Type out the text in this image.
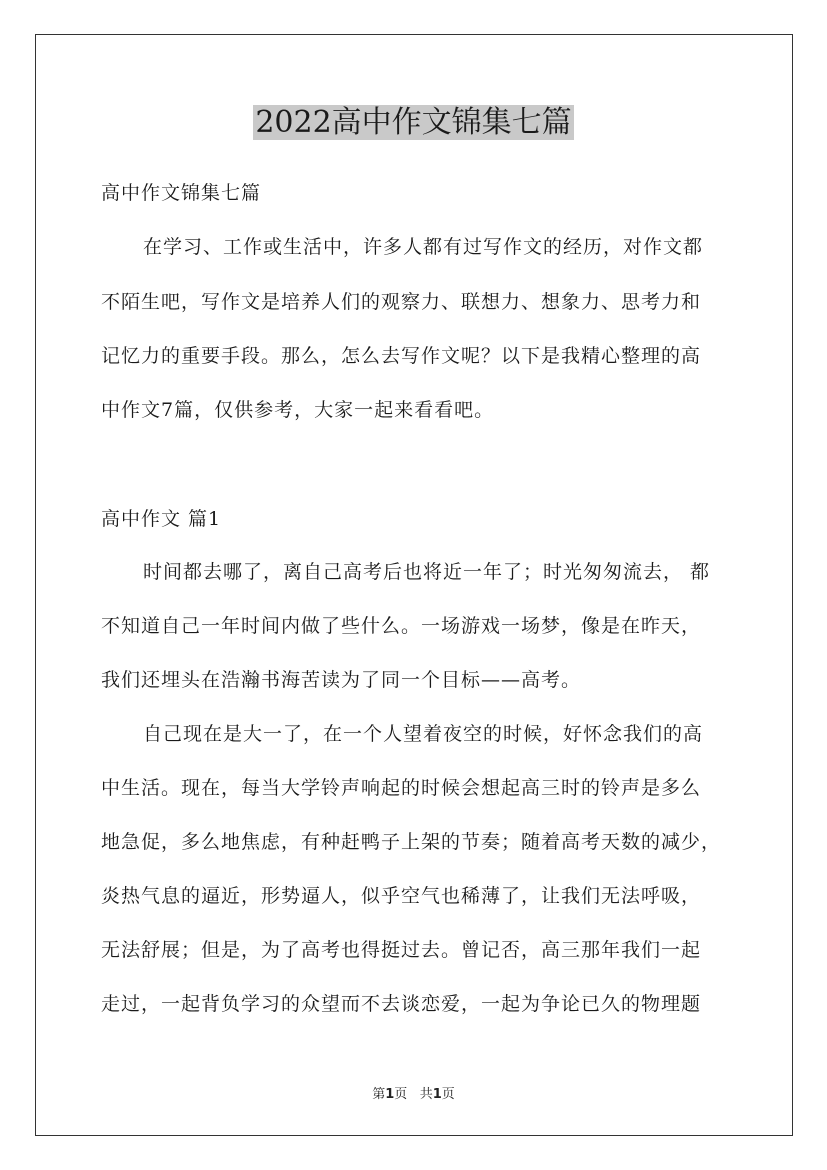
2022高中作文锦集七篇
高中作文锦集七篇
在学习、工作或生活中，许多人都有过写作文的经历，对作文都
不陌生吧，写作文是培养人们的观察力、联想力、想象力、思考力和
记忆力的重要手段。那么，怎么去写作文呢？以下是我精心整理的高
中作文7篇，仅供参考，大家一起来看看吧。
高中作文 篇1
时间都去哪了，离自己高考后也将近一年了；时光匆匆流去， 都
不知道自己一年时间内做了些什么。一场游戏一场梦，像是在昨天，
我们还埋头在浩瀚书海苦读为了同一个目标——高考。
自己现在是大一了，在一个人望着夜空的时候，好怀念我们的高
中生活。现在，每当大学铃声响起的时候会想起高三时的铃声是多么
地急促，多么地焦虑，有种赶鸭子上架的节奏；随着高考天数的减少，
炎热气息的逼近，形势逼人，似乎空气也稀薄了，让我们无法呼吸，
无法舒展；但是，为了高考也得挺过去。曾记否，高三那年我们一起
走过，一起背负学习的众望而不去谈恋爱，一起为争论已久的物理题
第1页 共1页
